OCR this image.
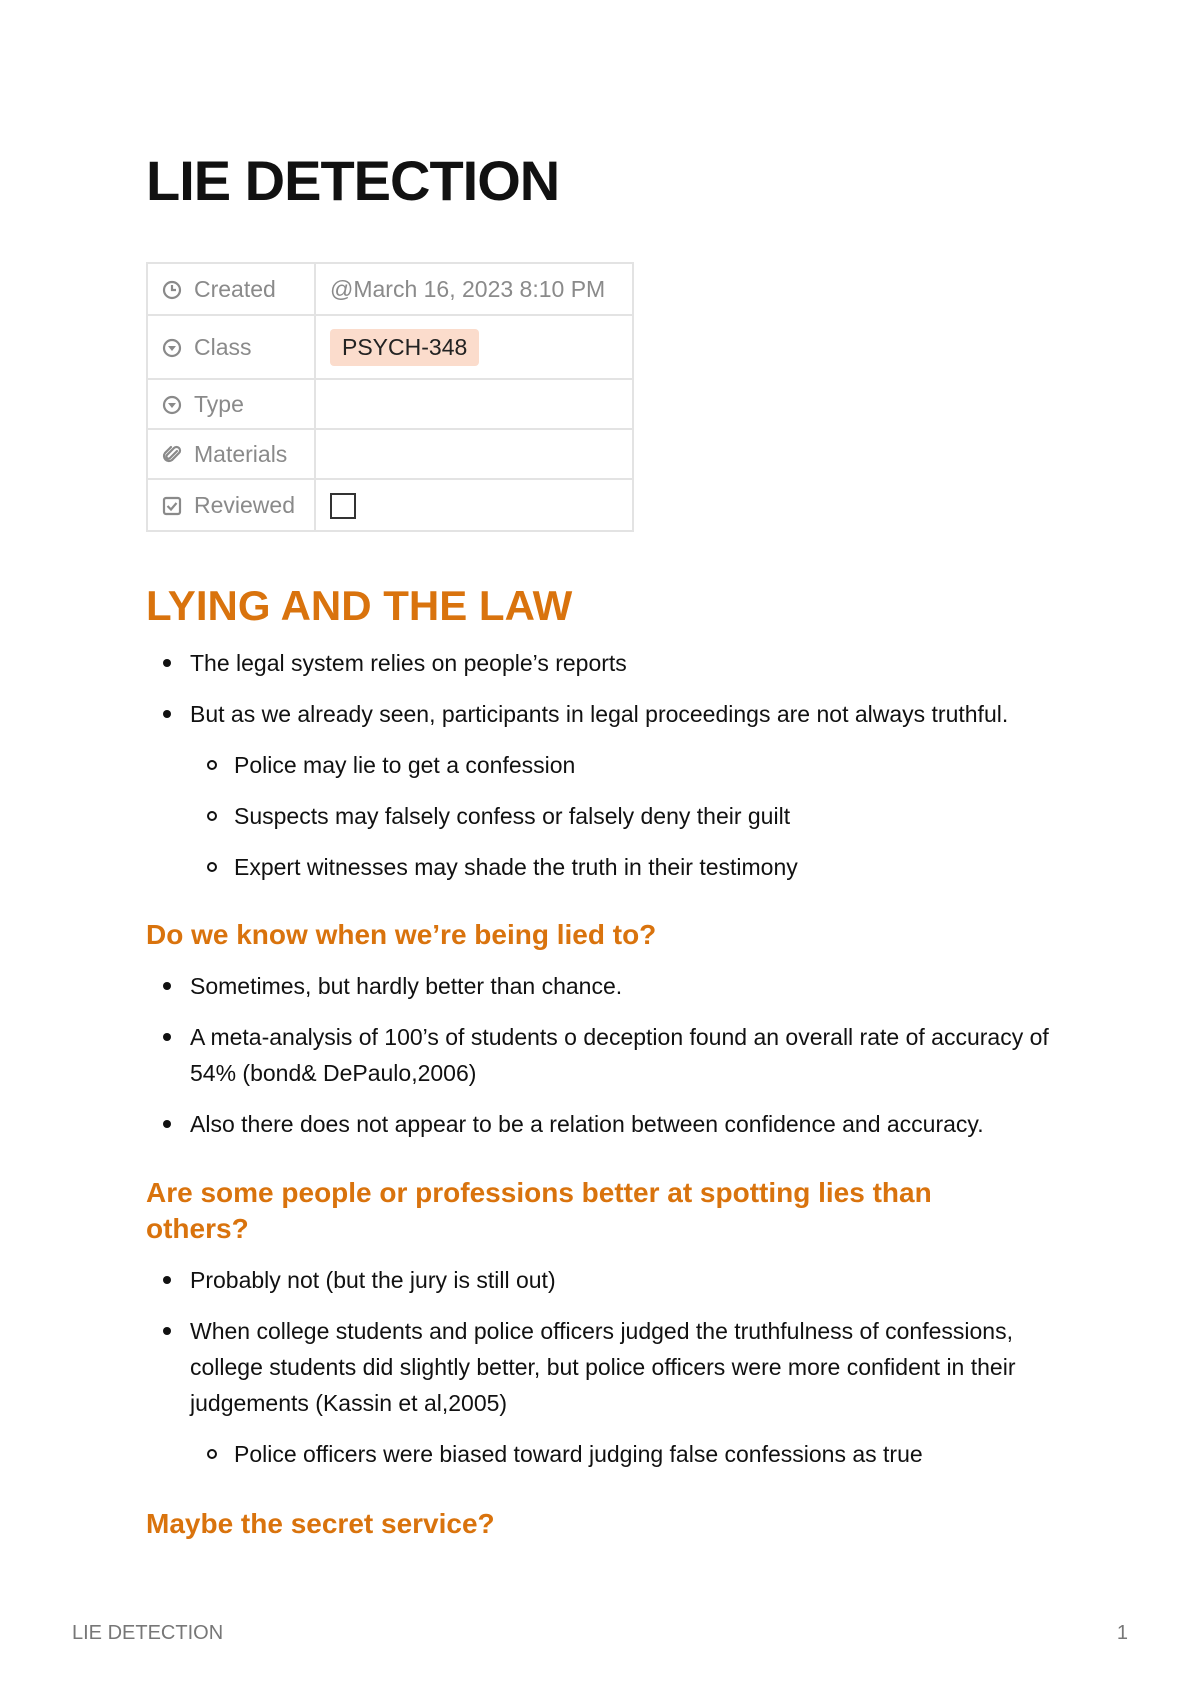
LIE DETECTION
Created	@March 16, 2023 8:10 PM
Class	PSYCH-348
Type	
Materials	
Reviewed	
LYING AND THE LAW
The legal system relies on people’s reports
But as we already seen, participants in legal proceedings are not always truthful.
Police may lie to get a confession
Suspects may falsely confess or falsely deny their guilt
Expert witnesses may shade the truth in their testimony
Do we know when we’re being lied to?
Sometimes, but hardly better than chance.
A meta-analysis of 100’s of students o deception found an overall rate of accuracy of 54% (bond& DePaulo,2006)
Also there does not appear to be a relation between confidence and accuracy.
Are some people or professions better at spotting lies than others?
Probably not (but the jury is still out)
When college students and police officers judged the truthfulness of confessions, college students did slightly better, but police officers were more confident in their judgements (Kassin et al,2005)
Police officers were biased toward judging false confessions as true
Maybe the secret service?
LIE DETECTION	1
